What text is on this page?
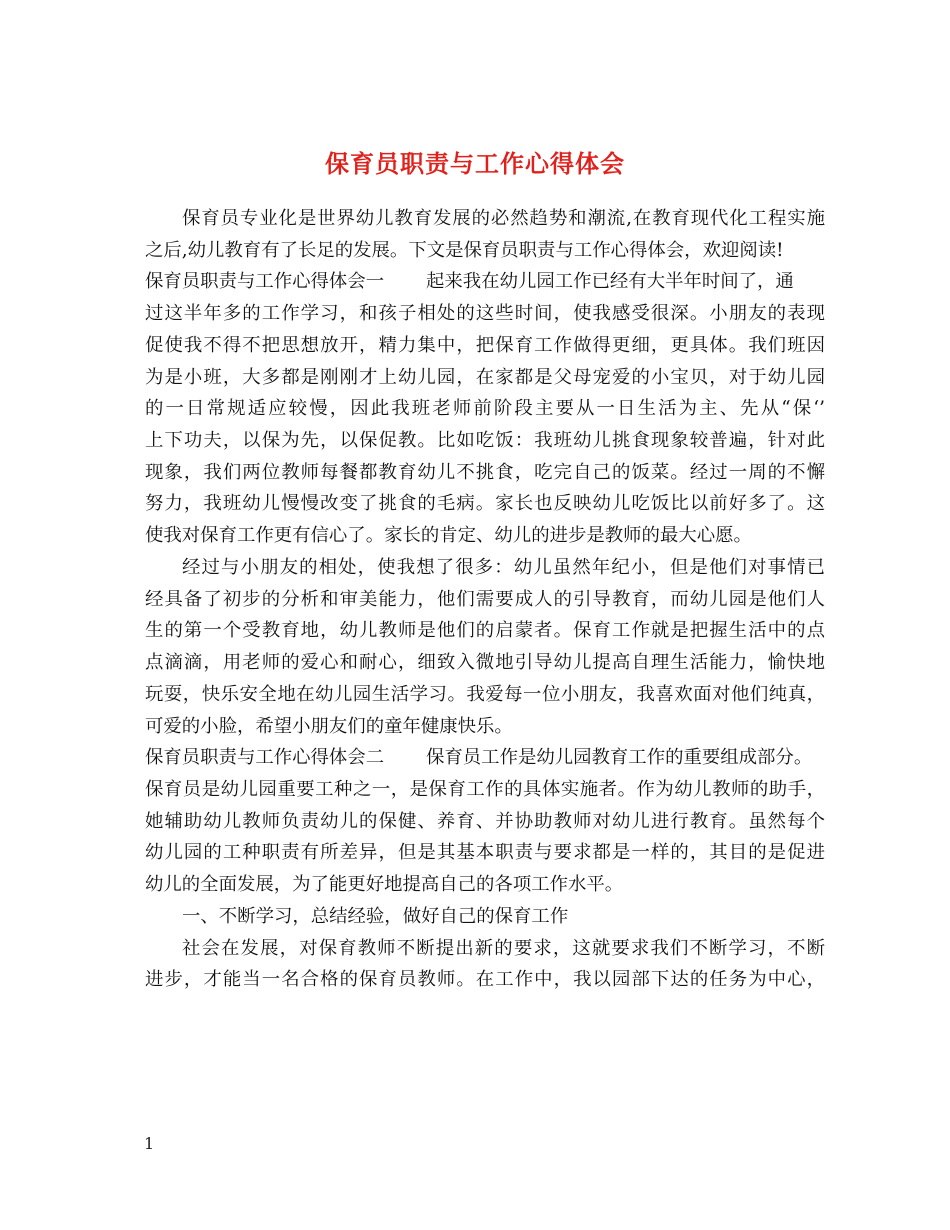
保育员职责与工作心得体会
保育员专业化是世界幼儿教育发展的必然趋势和潮流,在教育现代化工程实施
之后,幼儿教育有了长足的发展。下文是保育员职责与工作心得体会，欢迎阅读!
保育员职责与工作心得体会一 起来我在幼儿园工作已经有大半年时间了，通
过这半年多的工作学习，和孩子相处的这些时间，使我感受很深。小朋友的表现
促使我不得不把思想放开，精力集中，把保育工作做得更细，更具体。我们班因
为是小班，大多都是刚刚才上幼儿园，在家都是父母宠爱的小宝贝，对于幼儿园
的一日常规适应较慢，因此我班老师前阶段主要从一日生活为主、先从“保‘’
上下功夫，以保为先，以保促教。比如吃饭：我班幼儿挑食现象较普遍，针对此
现象，我们两位教师每餐都教育幼儿不挑食，吃完自己的饭菜。经过一周的不懈
努力，我班幼儿慢慢改变了挑食的毛病。家长也反映幼儿吃饭比以前好多了。这
使我对保育工作更有信心了。家长的肯定、幼儿的进步是教师的最大心愿。
经过与小朋友的相处，使我想了很多：幼儿虽然年纪小，但是他们对事情已
经具备了初步的分析和审美能力，他们需要成人的引导教育，而幼儿园是他们人
生的第一个受教育地，幼儿教师是他们的启蒙者。保育工作就是把握生活中的点
点滴滴，用老师的爱心和耐心，细致入微地引导幼儿提高自理生活能力，愉快地
玩耍，快乐安全地在幼儿园生活学习。我爱每一位小朋友，我喜欢面对他们纯真，
可爱的小脸，希望小朋友们的童年健康快乐。
保育员职责与工作心得体会二 保育员工作是幼儿园教育工作的重要组成部分。
保育员是幼儿园重要工种之一，是保育工作的具体实施者。作为幼儿教师的助手，
她辅助幼儿教师负责幼儿的保健、养育、并协助教师对幼儿进行教育。虽然每个
幼儿园的工种职责有所差异，但是其基本职责与要求都是一样的，其目的是促进
幼儿的全面发展，为了能更好地提高自己的各项工作水平。
一、不断学习，总结经验，做好自己的保育工作
社会在发展，对保育教师不断提出新的要求，这就要求我们不断学习，不断
进步，才能当一名合格的保育员教师。在工作中，我以园部下达的任务为中心，
1
